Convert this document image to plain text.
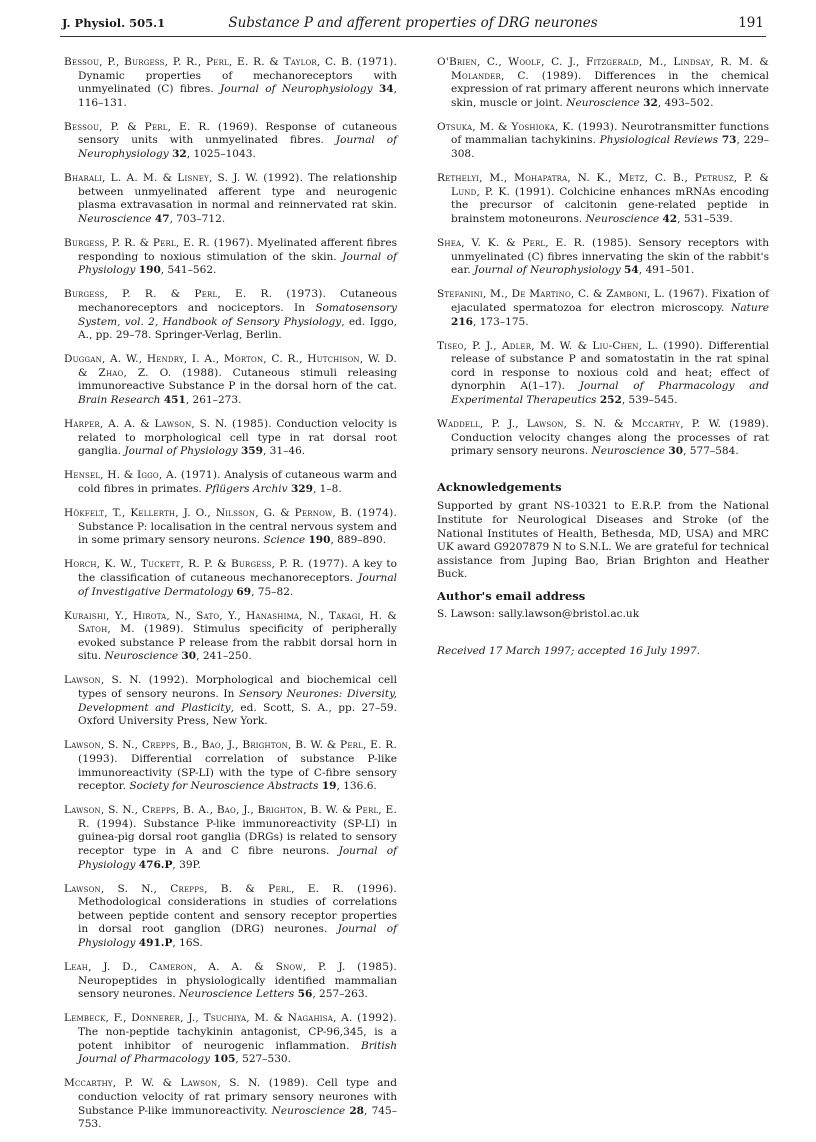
J. Physiol. 505.1	Substance P and afferent properties of DRG neurones	191
Bessou, P., Burgess, P. R., Perl, E. R. & Taylor, C. B. (1971). Dynamic properties of mechanoreceptors with unmyelinated (C) fibres. Journal of Neurophysiology 34, 116–131.
Bessou, P. & Perl, E. R. (1969). Response of cutaneous sensory units with unmyelinated fibres. Journal of Neurophysiology 32, 1025–1043.
Bharali, L. A. M. & Lisney, S. J. W. (1992). The relationship between unmyelinated afferent type and neurogenic plasma extravasation in normal and reinnervated rat skin. Neuroscience 47, 703–712.
Burgess, P. R. & Perl, E. R. (1967). Myelinated afferent fibres responding to noxious stimulation of the skin. Journal of Physiology 190, 541–562.
Burgess, P. R. & Perl, E. R. (1973). Cutaneous mechanoreceptors and nociceptors. In Somatosensory System, vol. 2, Handbook of Sensory Physiology, ed. Iggo, A., pp. 29–78. Springer-Verlag, Berlin.
Duggan, A. W., Hendry, I. A., Morton, C. R., Hutchison, W. D. & Zhao, Z. O. (1988). Cutaneous stimuli releasing immunoreactive Substance P in the dorsal horn of the cat. Brain Research 451, 261–273.
Harper, A. A. & Lawson, S. N. (1985). Conduction velocity is related to morphological cell type in rat dorsal root ganglia. Journal of Physiology 359, 31–46.
Hensel, H. & Iggo, A. (1971). Analysis of cutaneous warm and cold fibres in primates. Pflügers Archiv 329, 1–8.
Hökfelt, T., Kellerth, J. O., Nilsson, G. & Pernow, B. (1974). Substance P: localisation in the central nervous system and in some primary sensory neurons. Science 190, 889–890.
Horch, K. W., Tuckett, R. P. & Burgess, P. R. (1977). A key to the classification of cutaneous mechanoreceptors. Journal of Investigative Dermatology 69, 75–82.
Kuraishi, Y., Hirota, N., Sato, Y., Hanashima, N., Takagi, H. & Satoh, M. (1989). Stimulus specificity of peripherally evoked substance P release from the rabbit dorsal horn in situ. Neuroscience 30, 241–250.
Lawson, S. N. (1992). Morphological and biochemical cell types of sensory neurons. In Sensory Neurones: Diversity, Development and Plasticity, ed. Scott, S. A., pp. 27–59. Oxford University Press, New York.
Lawson, S. N., Crepps, B., Bao, J., Brighton, B. W. & Perl, E. R. (1993). Differential correlation of substance P-like immunoreactivity (SP-LI) with the type of C-fibre sensory receptor. Society for Neuroscience Abstracts 19, 136.6.
Lawson, S. N., Crepps, B. A., Bao, J., Brighton, B. W. & Perl, E. R. (1994). Substance P-like immunoreactivity (SP-LI) in guinea-pig dorsal root ganglia (DRGs) is related to sensory receptor type in A and C fibre neurons. Journal of Physiology 476.P, 39P.
Lawson, S. N., Crepps, B. & Perl, E. R. (1996). Methodological considerations in studies of correlations between peptide content and sensory receptor properties in dorsal root ganglion (DRG) neurones. Journal of Physiology 491.P, 16S.
Leah, J. D., Cameron, A. A. & Snow, P. J. (1985). Neuropeptides in physiologically identified mammalian sensory neurones. Neuroscience Letters 56, 257–263.
Lembeck, F., Donnerer, J., Tsuchiya, M. & Nagahisa, A. (1992). The non-peptide tachykinin antagonist, CP-96,345, is a potent inhibitor of neurogenic inflammation. British Journal of Pharmacology 105, 527–530.
Mccarthy, P. W. & Lawson, S. N. (1989). Cell type and conduction velocity of rat primary sensory neurones with Substance P-like immunoreactivity. Neuroscience 28, 745–753.
O'Brien, C., Woolf, C. J., Fitzgerald, M., Lindsay, R. M. & Molander, C. (1989). Differences in the chemical expression of rat primary afferent neurons which innervate skin, muscle or joint. Neuroscience 32, 493–502.
Otsuka, M. & Yoshioka, K. (1993). Neurotransmitter functions of mammalian tachykinins. Physiological Reviews 73, 229–308.
Rethelyi, M., Mohapatra, N. K., Metz, C. B., Petrusz, P. & Lund, P. K. (1991). Colchicine enhances mRNAs encoding the precursor of calcitonin gene-related peptide in brainstem motoneurons. Neuroscience 42, 531–539.
Shea, V. K. & Perl, E. R. (1985). Sensory receptors with unmyelinated (C) fibres innervating the skin of the rabbit's ear. Journal of Neurophysiology 54, 491–501.
Stefanini, M., De Martino, C. & Zamboni, L. (1967). Fixation of ejaculated spermatozoa for electron microscopy. Nature 216, 173–175.
Tiseo, P. J., Adler, M. W. & Liu-Chen, L. (1990). Differential release of substance P and somatostatin in the rat spinal cord in response to noxious cold and heat; effect of dynorphin A(1–17). Journal of Pharmacology and Experimental Therapeutics 252, 539–545.
Waddell, P. J., Lawson, S. N. & Mccarthy, P. W. (1989). Conduction velocity changes along the processes of rat primary sensory neurons. Neuroscience 30, 577–584.
Acknowledgements

Supported by grant NS-10321 to E.R.P. from the National Institute for Neurological Diseases and Stroke (of the National Institutes of Health, Bethesda, MD, USA) and MRC UK award G9207879 N to S.N.L. We are grateful for technical assistance from Juping Bao, Brian Brighton and Heather Buck.

Author's email address

S. Lawson: sally.lawson@bristol.ac.uk

Received 17 March 1997; accepted 16 July 1997.
